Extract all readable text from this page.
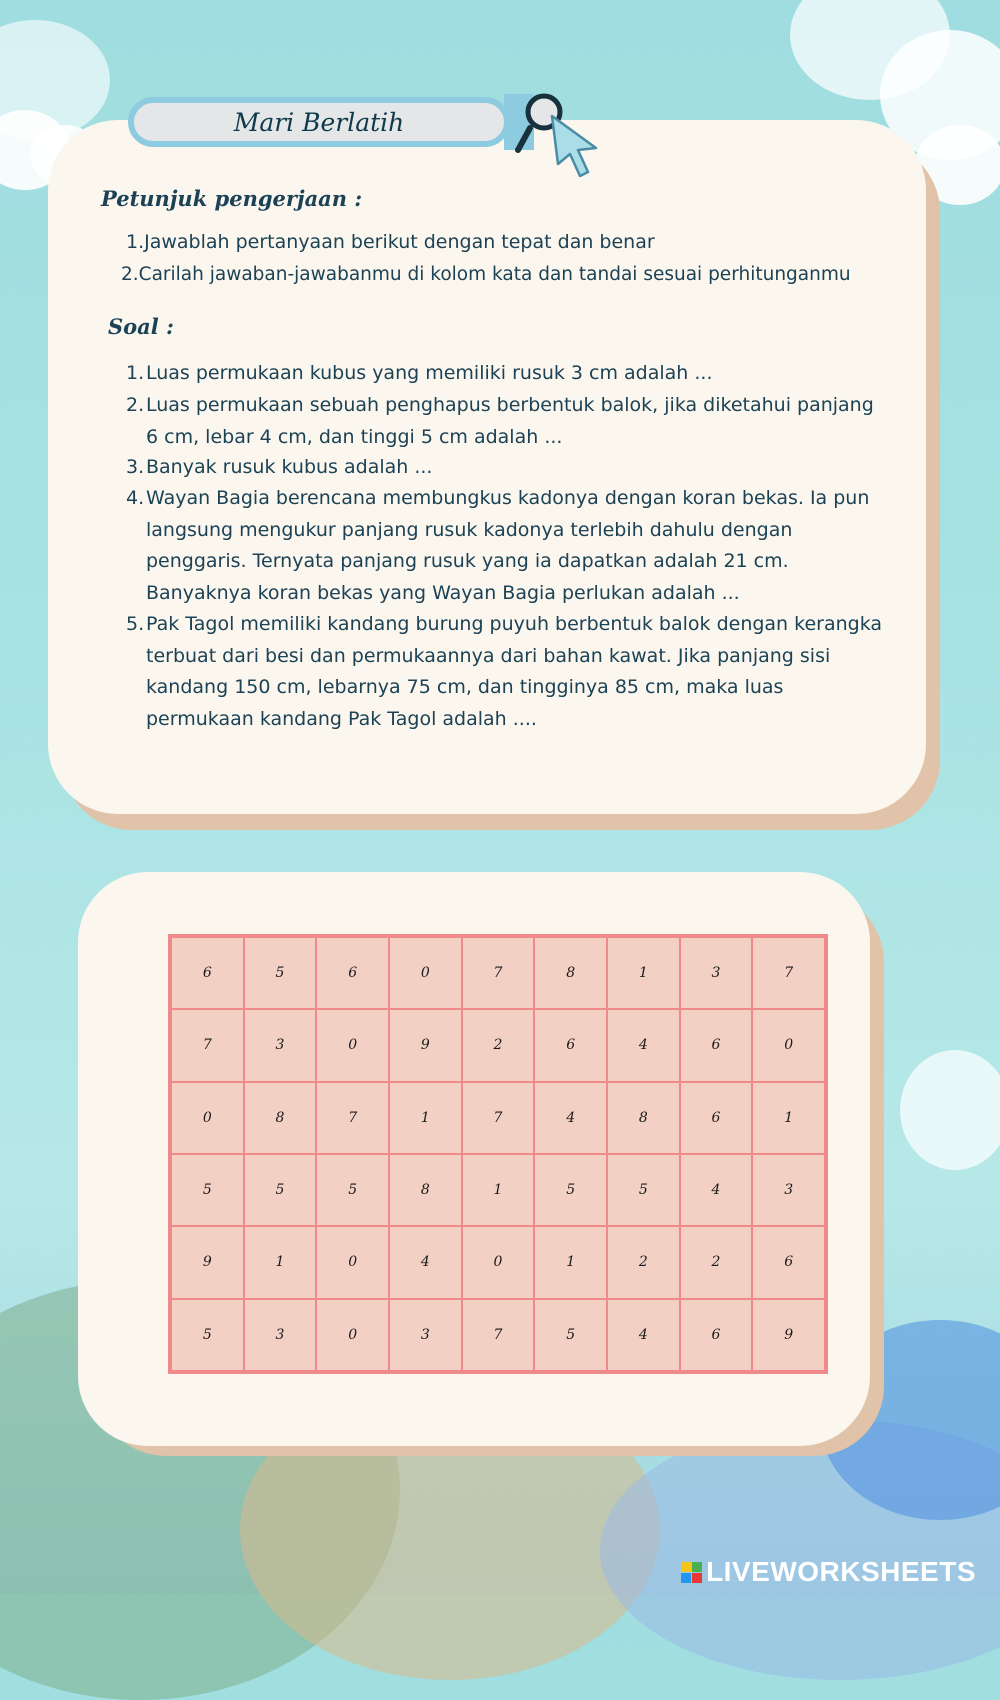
Mari Berlatih
Petunjuk pengerjaan :
1.Jawablah pertanyaan berikut dengan tepat dan benar
2.Carilah jawaban-jawabanmu di kolom kata dan tandai sesuai perhitunganmu
Soal :
1. Luas permukaan kubus yang memiliki rusuk 3 cm adalah ...
2. Luas permukaan sebuah penghapus berbentuk balok, jika diketahui panjang 6 cm, lebar 4 cm, dan tinggi 5 cm adalah ...
3. Banyak rusuk kubus adalah ...
4. Wayan Bagia berencana membungkus kadonya dengan koran bekas. Ia pun langsung mengukur panjang rusuk kadonya terlebih dahulu dengan penggaris. Ternyata panjang rusuk yang ia dapatkan adalah 21 cm. Banyaknya koran bekas yang Wayan Bagia perlukan adalah ...
5. Pak Tagol memiliki kandang burung puyuh berbentuk balok dengan kerangka terbuat dari besi dan permukaannya dari bahan kawat. Jika panjang sisi kandang 150 cm, lebarnya 75 cm, dan tingginya 85 cm, maka luas permukaan kandang Pak Tagol adalah ....
6	5	6	0	7	8	1	3	7
7	3	0	9	2	6	4	6	0
0	8	7	1	7	4	8	6	1
5	5	5	8	1	5	5	4	3
9	1	0	4	0	1	2	2	6
5	3	0	3	7	5	4	6	9
LIVEWORKSHEETS
